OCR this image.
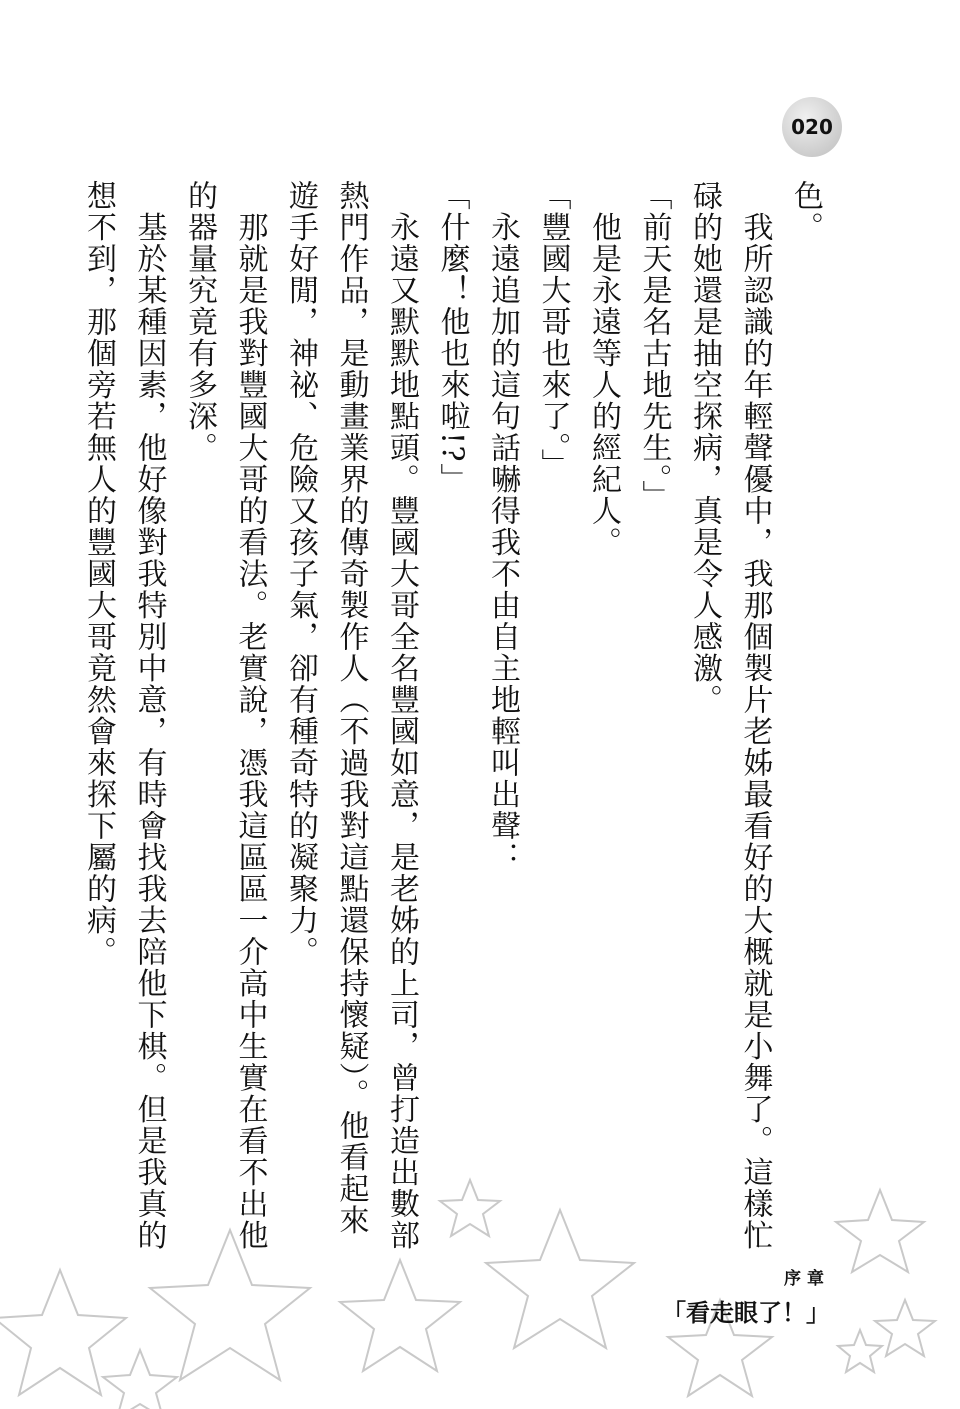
020

色。

　我所認識的年輕聲優中，我那個製片老姊最看好的大概就是小舞了。這樣忙碌的她還是抽空探病，真是令人感激。

「前天是名古地先生。」

　他是永遠等人的經紀人。

「豐國大哥也來了。」

　永遠追加的這句話嚇得我不由自主地輕叫出聲：

「什麼！他也來啦!?」

　永遠又默默地點頭。豐國大哥全名豐國如意，是老姊的上司，曾打造出數部熱門作品，是動畫業界的傳奇製作人（不過我對這點還保持懷疑）。他看起來遊手好閒，神祕、危險又孩子氣，卻有種奇特的凝聚力。

　那就是我對豐國大哥的看法。老實說，憑我這區區一介高中生實在看不出他的器量究竟有多深。

　基於某種因素，他好像對我特別中意，有時會找我去陪他下棋。但是我真的想不到，那個旁若無人的豐國大哥竟然會來探下屬的病。

序章
「看走眼了！」
